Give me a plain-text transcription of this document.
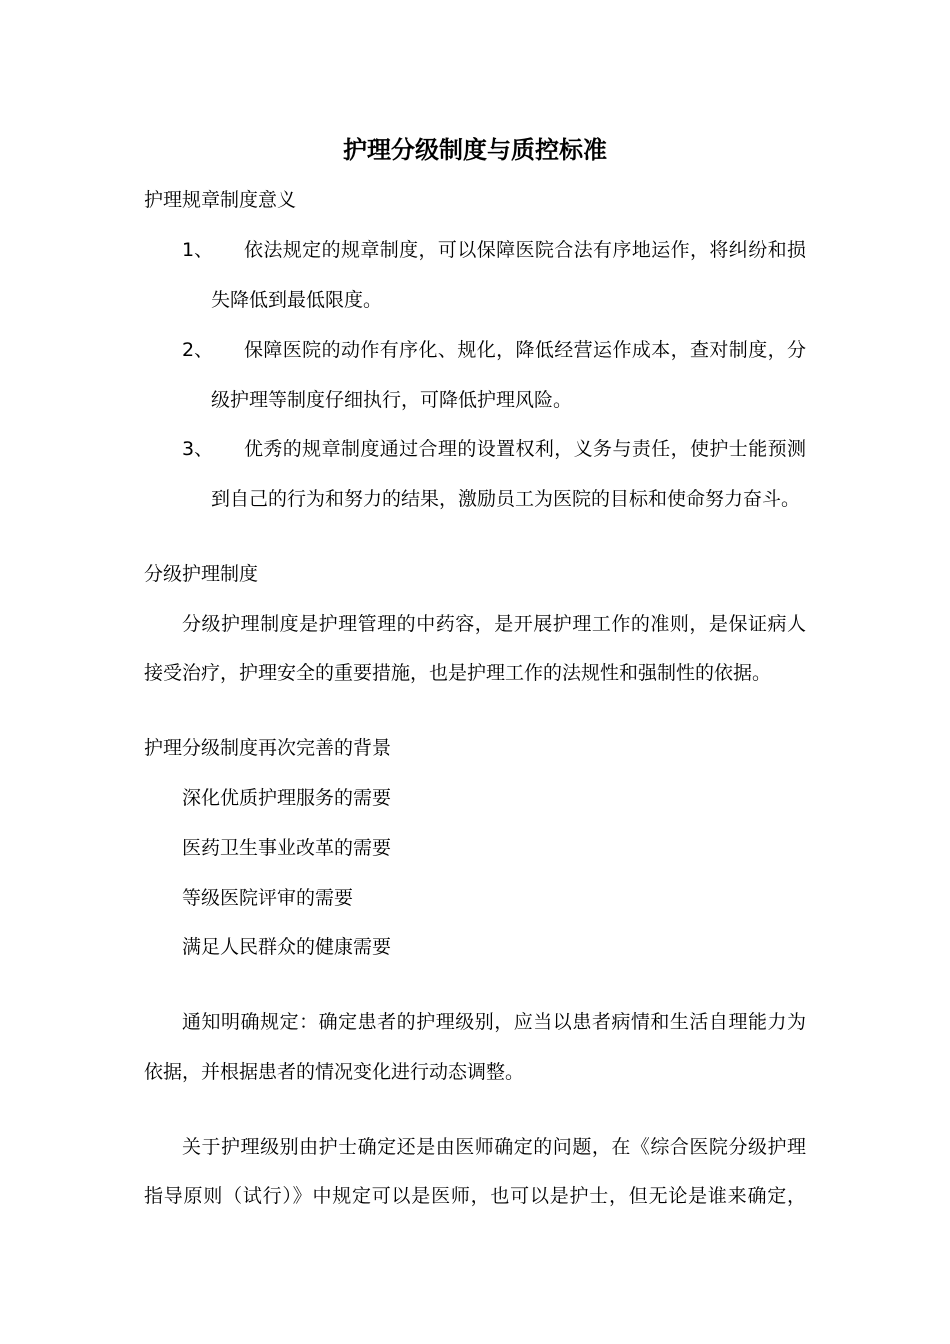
护理分级制度与质控标准
护理规章制度意义
1、 依法规定的规章制度，可以保障医院合法有序地运作，将纠纷和损
失降低到最低限度。
2、 保障医院的动作有序化、规化，降低经营运作成本，查对制度，分
级护理等制度仔细执行，可降低护理风险。
3、 优秀的规章制度通过合理的设置权利，义务与责任，使护士能预测
到自己的行为和努力的结果，激励员工为医院的目标和使命努力奋斗。
分级护理制度
分级护理制度是护理管理的中药容，是开展护理工作的准则，是保证病人
接受治疗，护理安全的重要措施，也是护理工作的法规性和强制性的依据。
护理分级制度再次完善的背景
深化优质护理服务的需要
医药卫生事业改革的需要
等级医院评审的需要
满足人民群众的健康需要
通知明确规定：确定患者的护理级别，应当以患者病情和生活自理能力为
依据，并根据患者的情况变化进行动态调整。
关于护理级别由护士确定还是由医师确定的问题，在《综合医院分级护理
指导原则（试行）》中规定可以是医师，也可以是护士，但无论是谁来确定，
